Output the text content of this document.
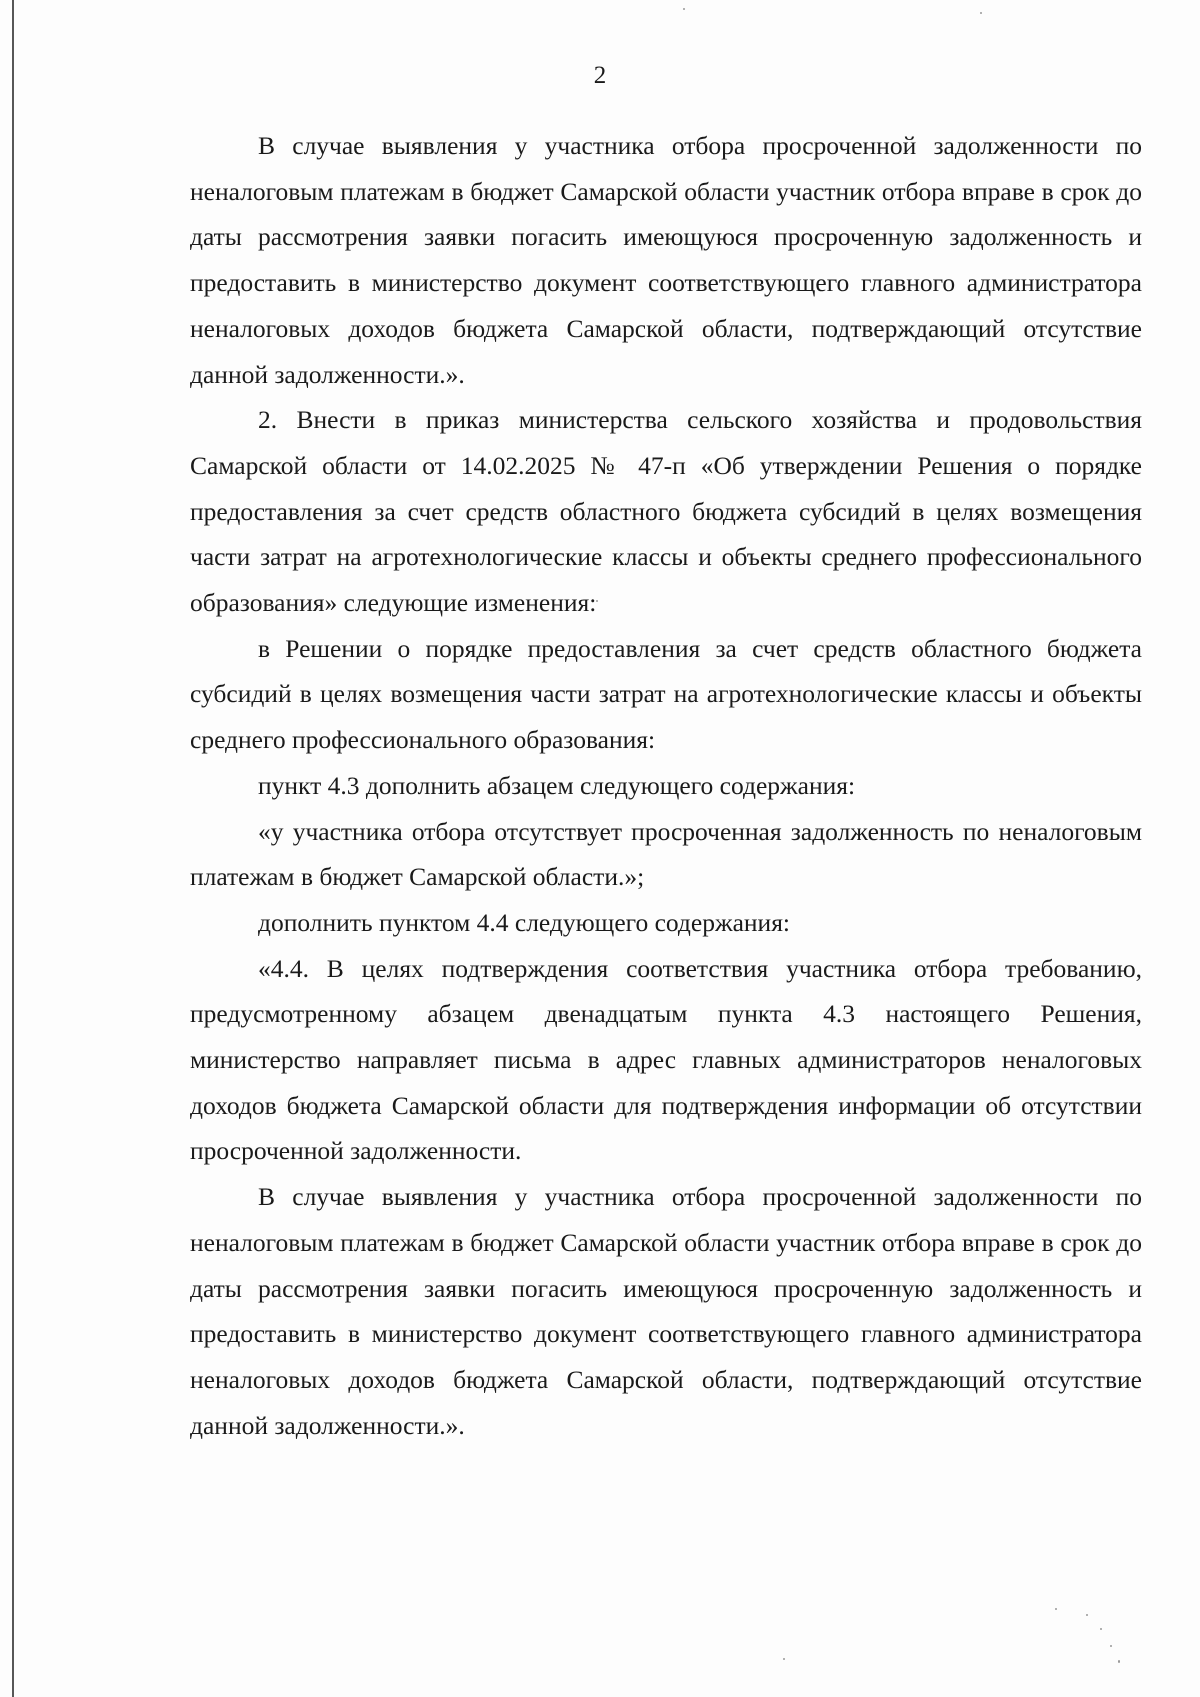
2

В случае выявления у участника отбора просроченной задолженности по неналоговым платежам в бюджет Самарской области участник отбора вправе в срок до даты рассмотрения заявки погасить имеющуюся просроченную задолженность и предоставить в министерство документ соответствующего главного администратора неналоговых доходов бюджета Самарской области, подтверждающий отсутствие данной задолженности.».

2. Внести в приказ министерства сельского хозяйства и продовольствия Самарской области от 14.02.2025 № 47-п «Об утверждении Решения о порядке предоставления за счет средств областного бюджета субсидий в целях возмещения части затрат на агротехнологические классы и объекты среднего профессионального образования» следующие изменения:

в Решении о порядке предоставления за счет средств областного бюджета субсидий в целях возмещения части затрат на агротехнологические классы и объекты среднего профессионального образования:

пункт 4.3 дополнить абзацем следующего содержания:

«у участника отбора отсутствует просроченная задолженность по неналоговым платежам в бюджет Самарской области.»;

дополнить пунктом 4.4 следующего содержания:

«4.4. В целях подтверждения соответствия участника отбора требованию, предусмотренному абзацем двенадцатым пункта 4.3 настоящего Решения, министерство направляет письма в адрес главных администраторов неналоговых доходов бюджета Самарской области для подтверждения информации об отсутствии просроченной задолженности.

В случае выявления у участника отбора просроченной задолженности по неналоговым платежам в бюджет Самарской области участник отбора вправе в срок до даты рассмотрения заявки погасить имеющуюся просроченную задолженность и предоставить в министерство документ соответствующего главного администратора неналоговых доходов бюджета Самарской области, подтверждающий отсутствие данной задолженности.».
